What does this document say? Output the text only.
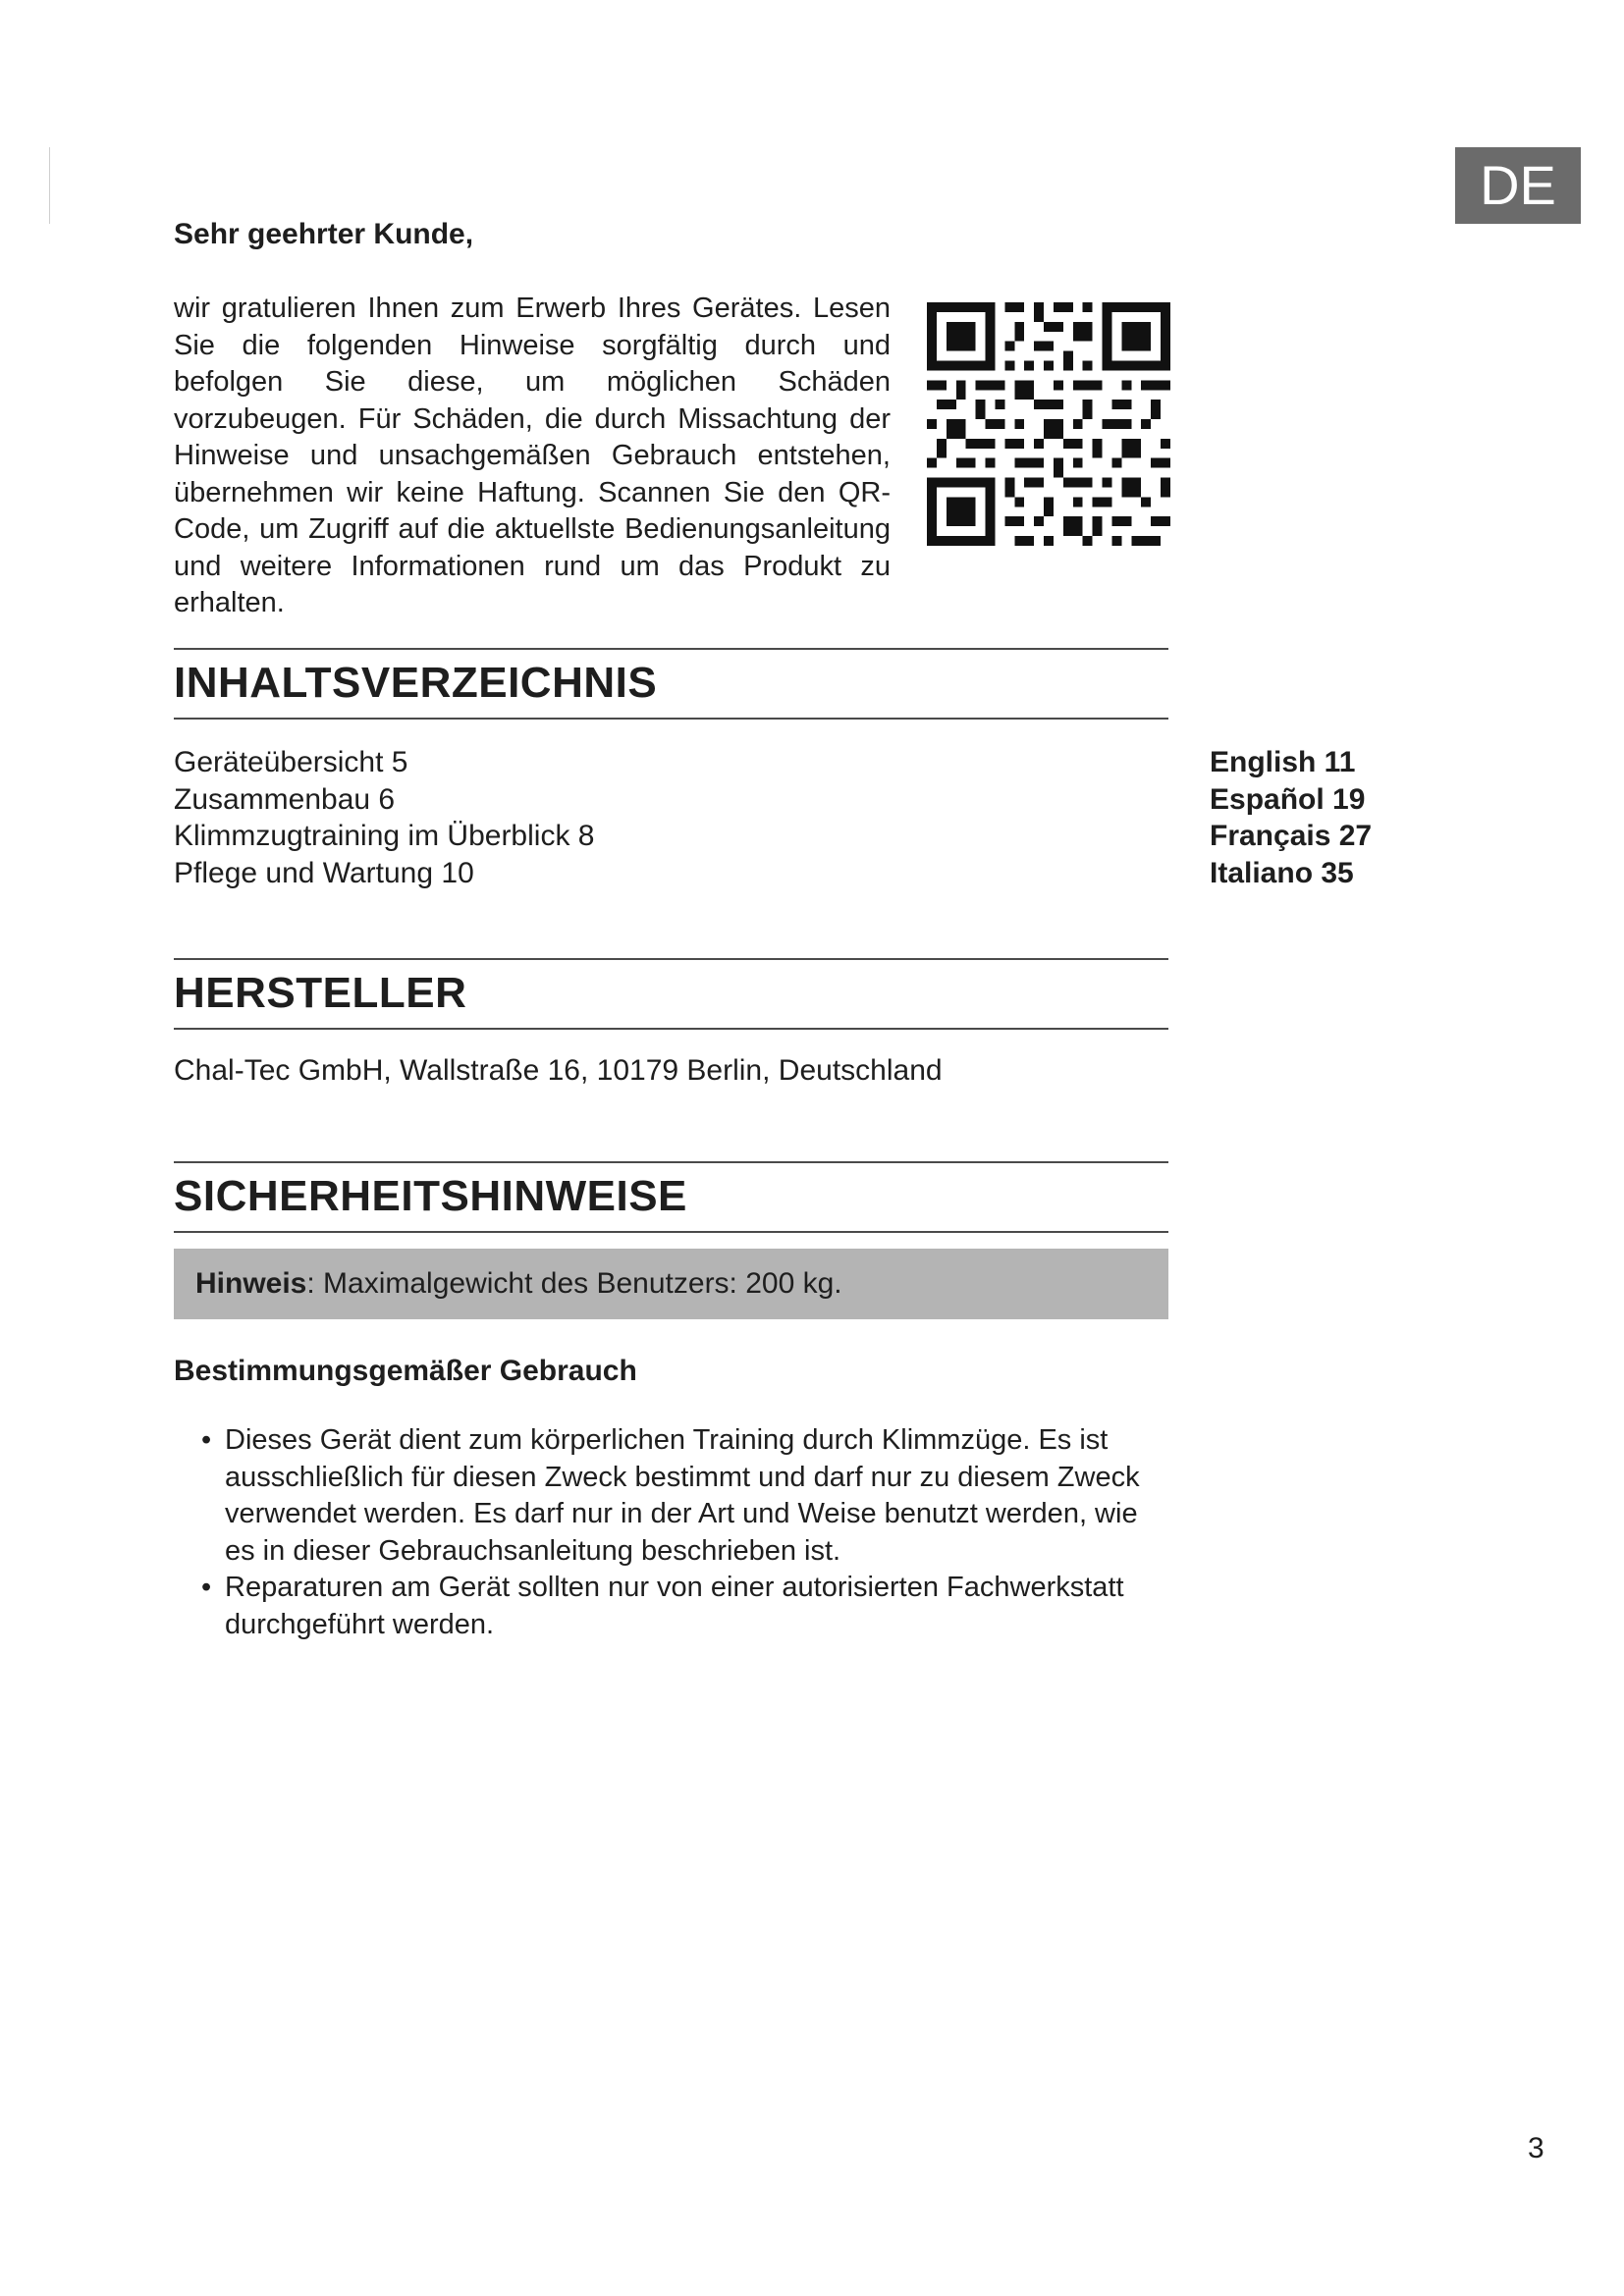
DE
Sehr geehrter Kunde,

wir gratulieren Ihnen zum Erwerb Ihres Gerätes. Lesen Sie die folgenden Hinweise sorgfältig durch und befolgen Sie diese, um möglichen Schäden vorzubeugen. Für Schäden, die durch Missachtung der Hinweise und unsachgemäßen Gebrauch entstehen, übernehmen wir keine Haftung. Scannen Sie den QR-Code, um Zugriff auf die aktuellste Bedienungsanleitung und weitere Informationen rund um das Produkt zu erhalten.

INHALTSVERZEICHNIS
Geräteübersicht 5
Zusammenbau 6
Klimmzugtraining im Überblick 8
Pflege und Wartung 10
English 11
Español 19
Français 27
Italiano 35
HERSTELLER
Chal-Tec GmbH, Wallstraße 16, 10179 Berlin, Deutschland
SICHERHEITSHINWEISE
Hinweis: Maximalgewicht des Benutzers: 200 kg.
Bestimmungsgemäßer Gebrauch
• Dieses Gerät dient zum körperlichen Training durch Klimmzüge. Es ist ausschließlich für diesen Zweck bestimmt und darf nur zu diesem Zweck verwendet werden. Es darf nur in der Art und Weise benutzt werden, wie es in dieser Gebrauchsanleitung beschrieben ist.
• Reparaturen am Gerät sollten nur von einer autorisierten Fachwerkstatt durchgeführt werden.
3
